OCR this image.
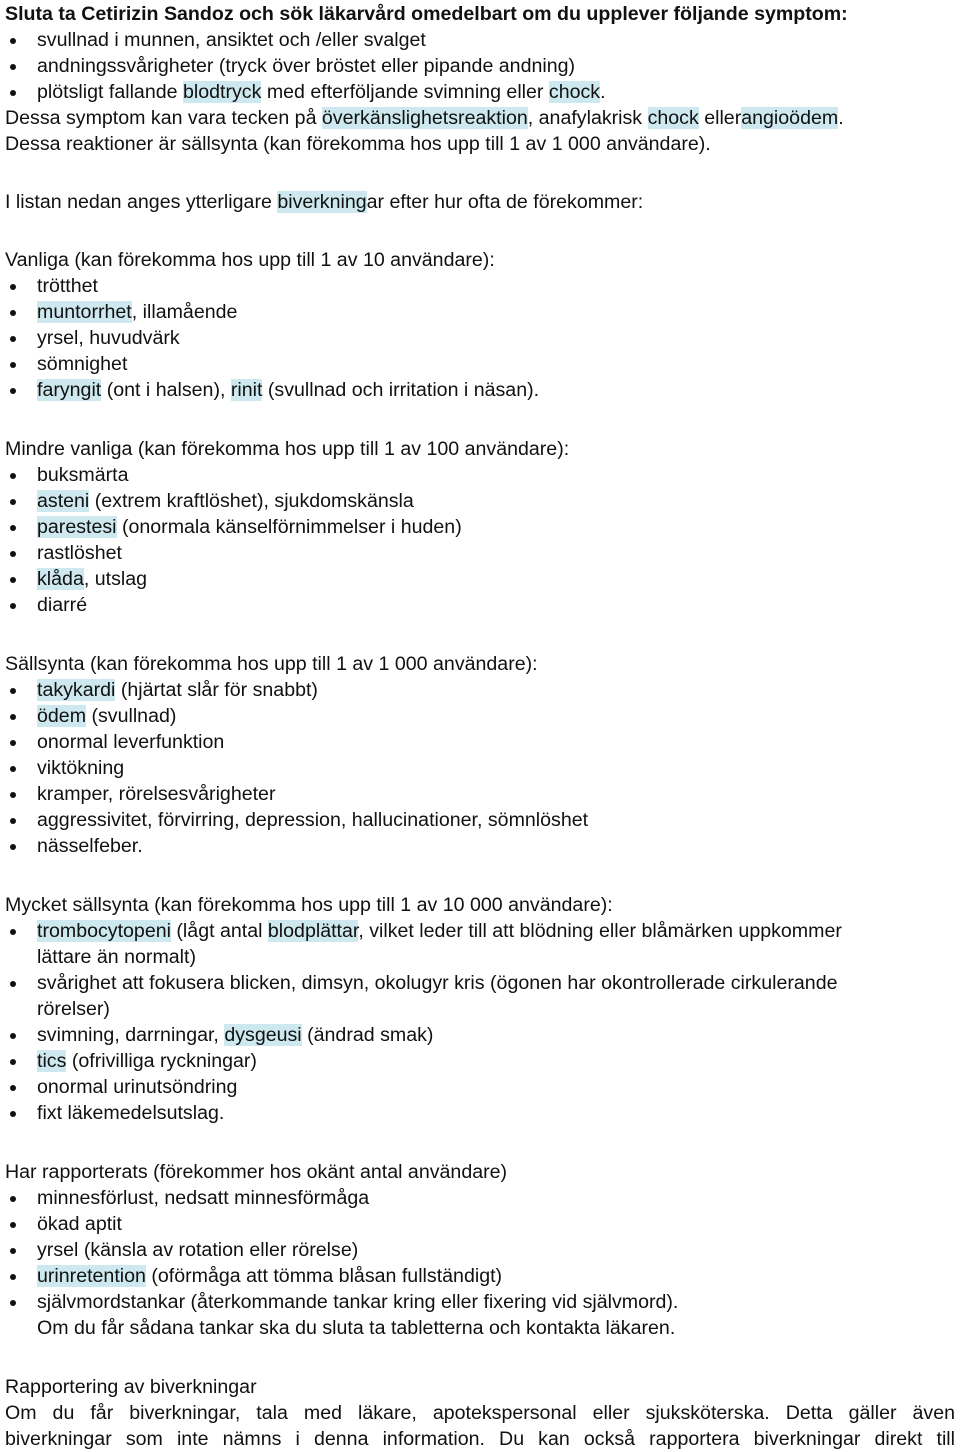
Sluta ta Cetirizin Sandoz och sök läkarvård omedelbart om du upplever följande symptom:
svullnad i munnen, ansiktet och /eller svalget
andningssvårigheter (tryck över bröstet eller pipande andning)
plötsligt fallande blodtryck med efterföljande svimning eller chock.
Dessa symptom kan vara tecken på överkänslighetsreaktion, anafylakrisk chock ellerangioödem.
Dessa reaktioner är sällsynta (kan förekomma hos upp till 1 av 1 000 användare).
I listan nedan anges ytterligare biverkningar efter hur ofta de förekommer:
Vanliga (kan förekomma hos upp till 1 av 10 användare):
trötthet
muntorrhet, illamående
yrsel, huvudvärk
sömnighet
faryngit (ont i halsen), rinit (svullnad och irritation i näsan).
Mindre vanliga (kan förekomma hos upp till 1 av 100 användare):
buksmärta
asteni (extrem kraftlöshet), sjukdomskänsla
parestesi (onormala känselförnimmelser i huden)
rastlöshet
klåda, utslag
diarré
Sällsynta (kan förekomma hos upp till 1 av 1 000 användare):
takykardi (hjärtat slår för snabbt)
ödem (svullnad)
onormal leverfunktion
viktökning
kramper, rörelsesvårigheter
aggressivitet, förvirring, depression, hallucinationer, sömnlöshet
nässelfeber.
Mycket sällsynta (kan förekomma hos upp till 1 av 10 000 användare):
trombocytopeni (lågt antal blodplättar, vilket leder till att blödning eller blåmärken uppkommer
lättare än normalt)
svårighet att fokusera blicken, dimsyn, okolugyr kris (ögonen har okontrollerade cirkulerande
rörelser)
svimning, darrningar, dysgeusi (ändrad smak)
tics (ofrivilliga ryckningar)
onormal urinutsöndring
fixt läkemedelsutslag.
Har rapporterats (förekommer hos okänt antal användare)
minnesförlust, nedsatt minnesförmåga
ökad aptit
yrsel (känsla av rotation eller rörelse)
urinretention (oförmåga att tömma blåsan fullständigt)
självmordstankar (återkommande tankar kring eller fixering vid självmord).
Om du får sådana tankar ska du sluta ta tabletterna och kontakta läkaren.
Rapportering av biverkningar
Om du får biverkningar, tala med läkare, apotekspersonal eller sjuksköterska. Detta gäller även
biverkningar som inte nämns i denna information. Du kan också rapportera biverkningar direkt till
